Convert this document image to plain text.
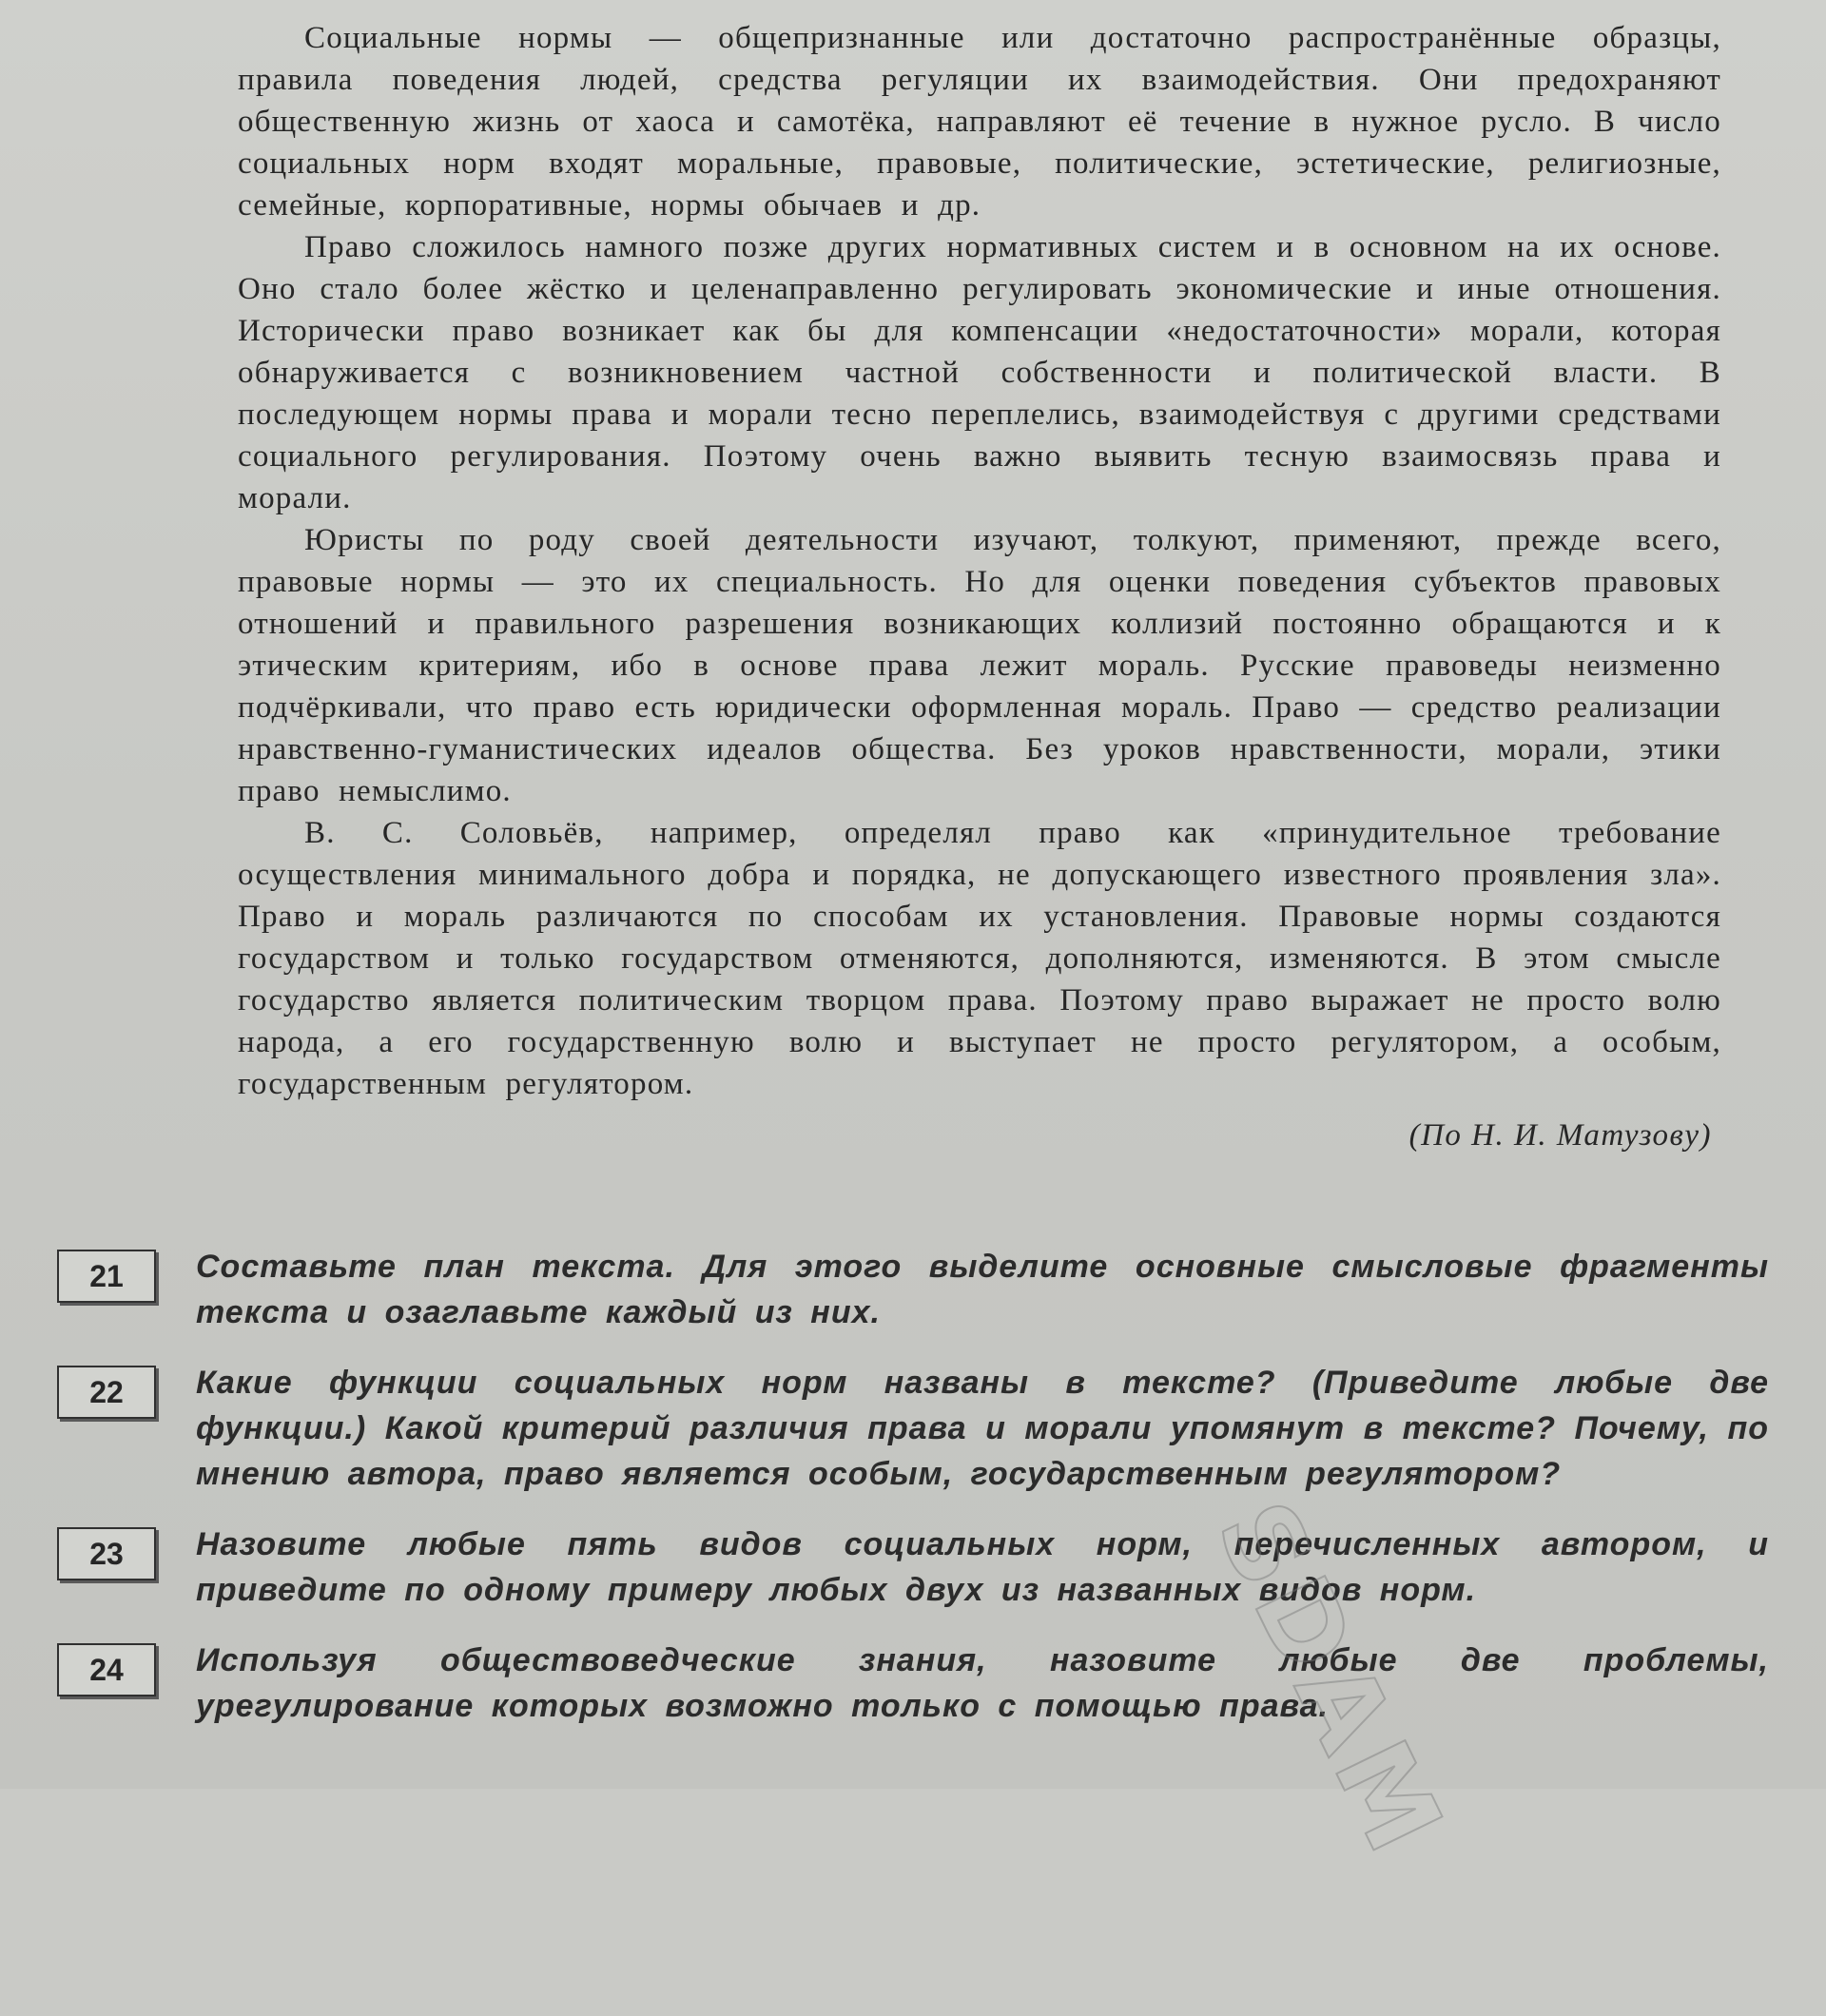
Социальные нормы — общепризнанные или достаточно распространённые образцы, правила поведения людей, средства регуляции их взаимодействия. Они предохраняют общественную жизнь от хаоса и самотёка, направляют её течение в нужное русло. В число социальных норм входят моральные, правовые, политические, эстетические, религиозные, семейные, корпоративные, нормы обычаев и др.

Право сложилось намного позже других нормативных систем и в основном на их основе. Оно стало более жёстко и целенаправленно регулировать экономические и иные отношения. Исторически право возникает как бы для компенсации «недостаточности» морали, которая обнаруживается с возникновением частной собственности и политической власти. В последующем нормы права и морали тесно переплелись, взаимодействуя с другими средствами социального регулирования. Поэтому очень важно выявить тесную взаимосвязь права и морали.

Юристы по роду своей деятельности изучают, толкуют, применяют, прежде всего, правовые нормы — это их специальность. Но для оценки поведения субъектов правовых отношений и правильного разрешения возникающих коллизий постоянно обращаются и к этическим критериям, ибо в основе права лежит мораль. Русские правоведы неизменно подчёркивали, что право есть юридически оформленная мораль. Право — средство реализации нравственно-гуманистических идеалов общества. Без уроков нравственности, морали, этики право немыслимо.

В. С. Соловьёв, например, определял право как «принудительное требование осуществления минимального добра и порядка, не допускающего известного проявления зла». Право и мораль различаются по способам их установления. Правовые нормы создаются государством и только государством отменяются, дополняются, изменяются. В этом смысле государство является политическим творцом права. Поэтому право выражает не просто волю народа, а его государственную волю и выступает не просто регулятором, а особым, государственным регулятором.

(По Н. И. Матузову)
21	Составьте план текста. Для этого выделите основные смысловые фрагменты текста и озаглавьте каждый из них.

22	Какие функции социальных норм названы в тексте? (Приведите любые две функции.) Какой критерий различия права и морали упомянут в тексте? Почему, по мнению автора, право является особым, государственным регулятором?

23	Назовите любые пять видов социальных норм, перечисленных автором, и приведите по одному примеру любых двух из названных видов норм.

24	Используя обществоведческие знания, назовите любые две проблемы, урегулирование которых возможно только с помощью права.

SDAM
